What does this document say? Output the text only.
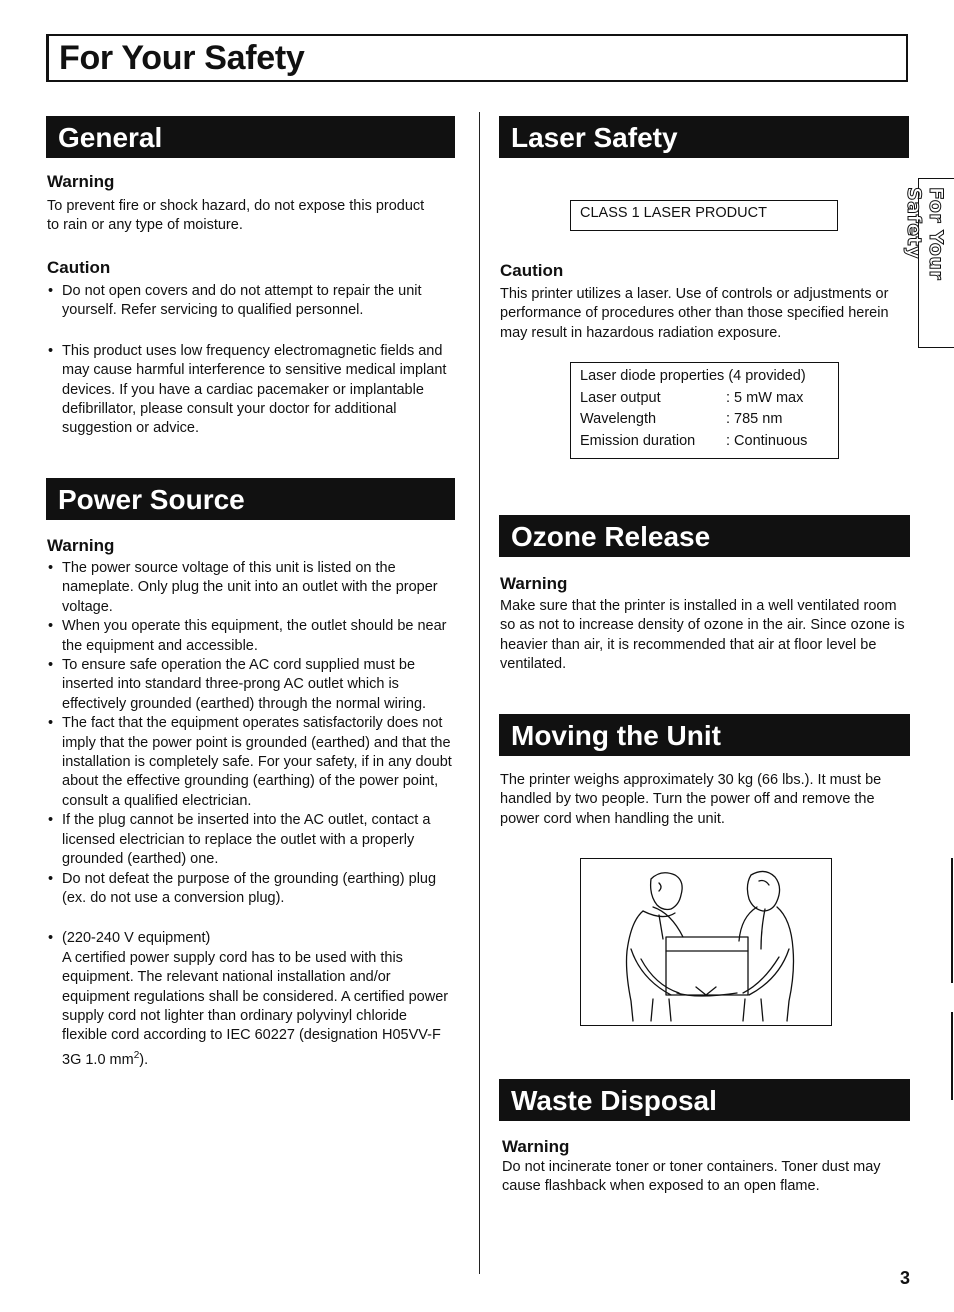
For Your Safety
For Your Safety
General
Warning
To prevent fire or shock hazard, do not expose this product to rain or any type of moisture.
Caution
• Do not open covers and do not attempt to repair the unit yourself. Refer servicing to qualified personnel.
• This product uses low frequency electromagnetic fields and may cause harmful interference to sensitive medical implant devices. If you have a cardiac pacemaker or implantable defibrillator, please consult your doctor for additional suggestion or advice.
Power Source
Warning
• The power source voltage of this unit is listed on the nameplate. Only plug the unit into an outlet with the proper voltage.
• When you operate this equipment, the outlet should be near the equipment and accessible.
• To ensure safe operation the AC cord supplied must be inserted into standard three-prong AC outlet which is effectively grounded (earthed) through the normal wiring.
• The fact that the equipment operates satisfactorily does not imply that the power point is grounded (earthed) and that the installation is completely safe. For your safety, if in any doubt about the effective grounding (earthing) of the power point, consult a qualified electrician.
• If the plug cannot be inserted into the AC outlet, contact a licensed electrician to replace the outlet with a properly grounded (earthed) one.
• Do not defeat the purpose of the grounding (earthing) plug (ex. do not use a conversion plug).
• (220-240 V equipment)
A certified power supply cord has to be used with this equipment. The relevant national installation and/or equipment regulations shall be considered. A certified power supply cord not lighter than ordinary polyvinyl chloride flexible cord according to IEC 60227 (designation H05VV-F 3G 1.0 $mm^2$).
Laser Safety
CLASS 1 LASER PRODUCT
Caution
This printer utilizes a laser. Use of controls or adjustments or performance of procedures other than those specified herein may result in hazardous radiation exposure.
Laser diode properties (4 provided)
Laser output	: 5 mW max
Wavelength	: 785 nm
Emission duration	: Continuous
Ozone Release
Warning
Make sure that the printer is installed in a well ventilated room so as not to increase density of ozone in the air. Since ozone is heavier than air, it is recommended that air at floor level be ventilated.
Moving the Unit
The printer weighs approximately 30 kg (66 lbs.). It must be handled by two people. Turn the power off and remove the power cord when handling the unit.
Waste Disposal
Warning
Do not incinerate toner or toner containers. Toner dust may cause flashback when exposed to an open flame.
3
